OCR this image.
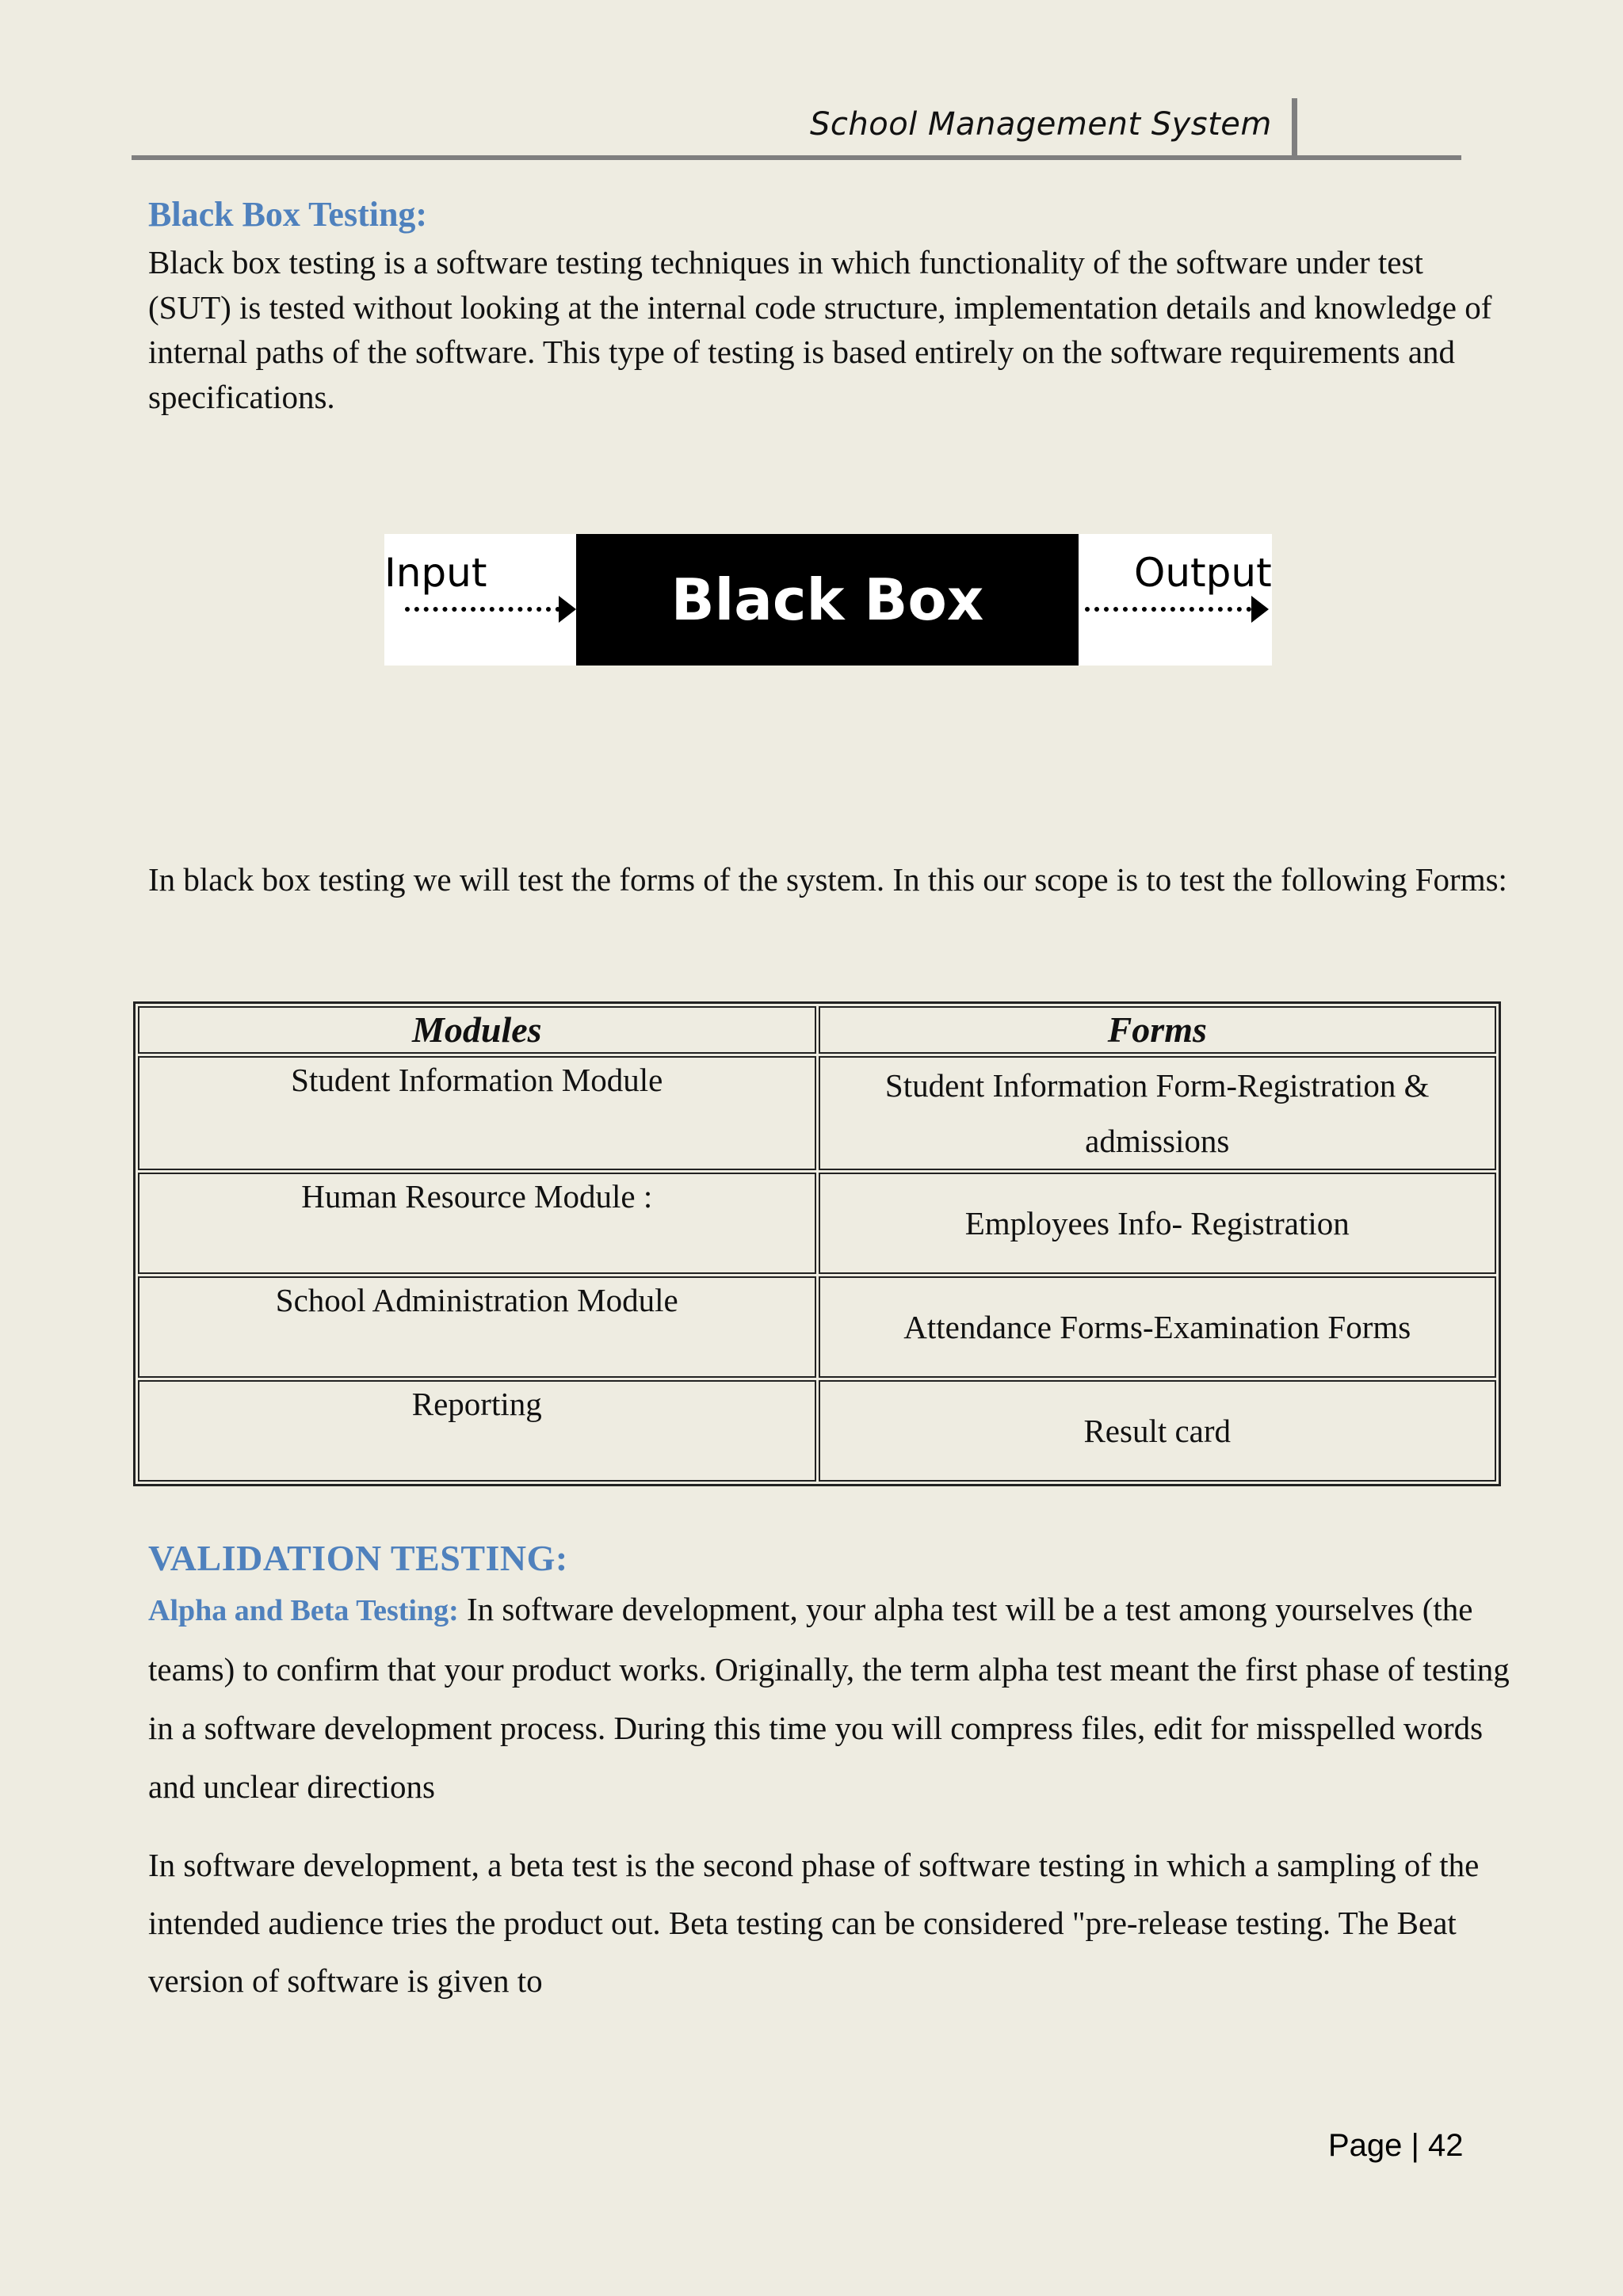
School Management System
Black Box Testing:

Black box testing is a software testing techniques in which functionality of the software under test (SUT) is tested without looking at the internal code structure, implementation details and knowledge of internal paths of the software. This type of testing is based entirely on the software requirements and specifications.

Input	Black Box	Output

In black box testing we will test the forms of the system. In this our scope is to test the following Forms:

Modules	Forms
Student Information Module	Student Information Form-Registration & admissions
Human Resource Module :	Employees Info- Registration
School Administration Module	Attendance Forms-Examination Forms
Reporting	Result card
VALIDATION TESTING:

Alpha and Beta Testing: In software development, your alpha test will be a test among yourselves (the teams) to confirm that your product works. Originally, the term alpha test meant the first phase of testing in a software development process. During this time you will compress files, edit for misspelled words and unclear directions

In software development, a beta test is the second phase of software testing in which a sampling of the intended audience tries the product out. Beta testing can be considered "pre-release testing. The Beat version of software is given to

Page | 42
